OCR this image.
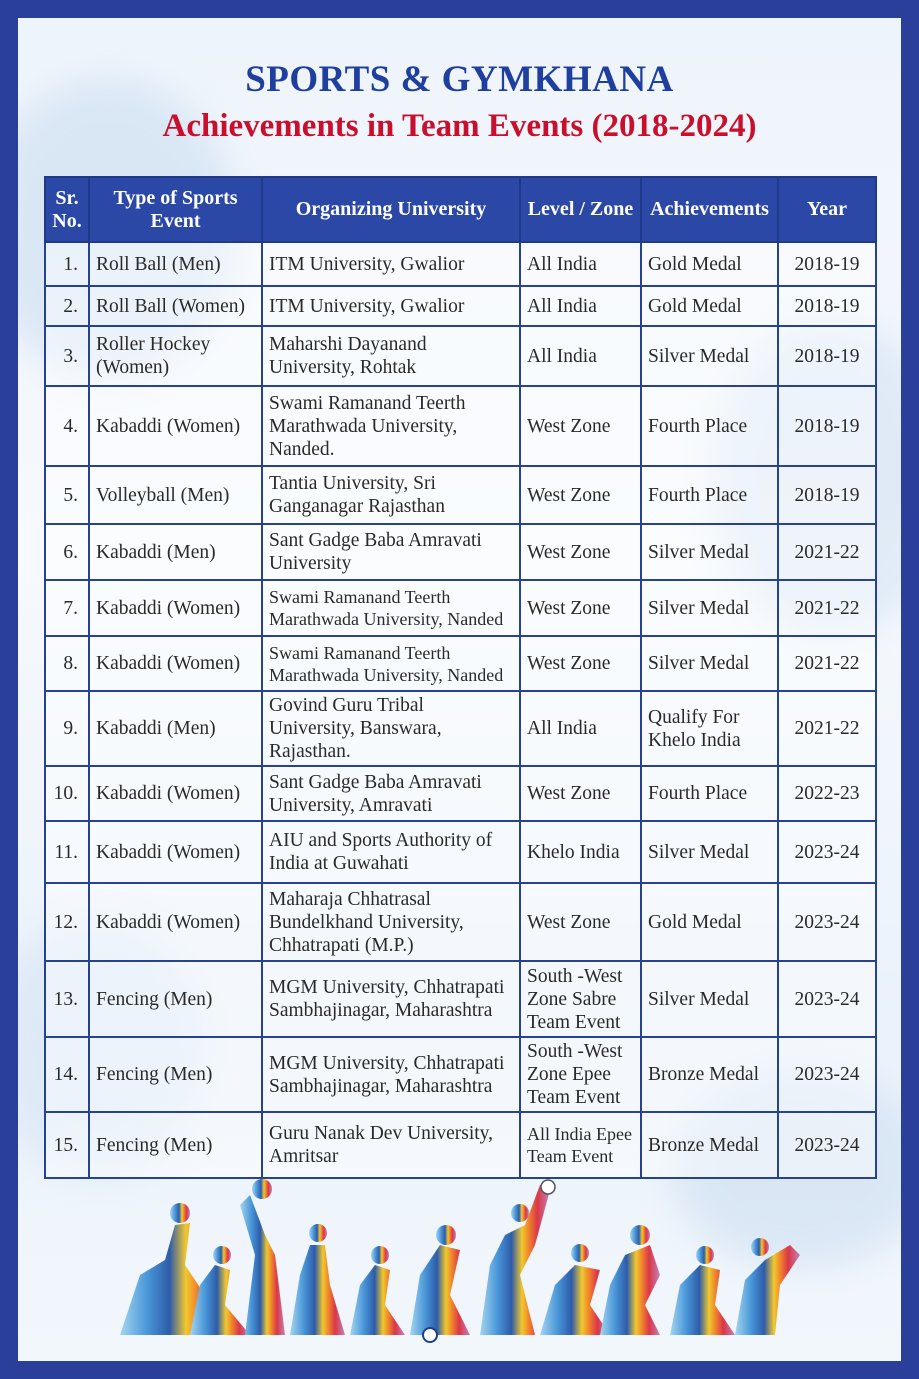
SPORTS & GYMKHANA
Achievements in Team Events (2018-2024)
Sr. No.	Type of Sports Event	Organizing University	Level / Zone	Achievements	Year
1.	Roll Ball (Men)	ITM University, Gwalior	All India	Gold Medal	2018-19
2.	Roll Ball (Women)	ITM University, Gwalior	All India	Gold Medal	2018-19
3.	Roller Hockey (Women)	Maharshi Dayanand University, Rohtak	All India	Silver Medal	2018-19
4.	Kabaddi (Women)	Swami Ramanand Teerth Marathwada University, Nanded.	West Zone	Fourth Place	2018-19
5.	Volleyball (Men)	Tantia University, Sri Ganganagar Rajasthan	West Zone	Fourth Place	2018-19
6.	Kabaddi (Men)	Sant Gadge Baba Amravati University	West Zone	Silver Medal	2021-22
7.	Kabaddi (Women)	Swami Ramanand Teerth Marathwada University, Nanded	West Zone	Silver Medal	2021-22
8.	Kabaddi (Women)	Swami Ramanand Teerth Marathwada University, Nanded	West Zone	Silver Medal	2021-22
9.	Kabaddi (Men)	Govind Guru Tribal University, Banswara, Rajasthan.	All India	Qualify For Khelo India	2021-22
10.	Kabaddi (Women)	Sant Gadge Baba Amravati University, Amravati	West Zone	Fourth Place	2022-23
11.	Kabaddi (Women)	AIU and Sports Authority of India at Guwahati	Khelo India	Silver Medal	2023-24
12.	Kabaddi (Women)	Maharaja Chhatrasal Bundelkhand University, Chhatrapati (M.P.)	West Zone	Gold Medal	2023-24
13.	Fencing (Men)	MGM University, Chhatrapati Sambhajinagar, Maharashtra	South -West Zone Sabre Team Event	Silver Medal	2023-24
14.	Fencing (Men)	MGM University, Chhatrapati Sambhajinagar, Maharashtra	South -West Zone Epee Team Event	Bronze Medal	2023-24
15.	Fencing (Men)	Guru Nanak Dev University, Amritsar	All India Epee Team Event	Bronze Medal	2023-24
